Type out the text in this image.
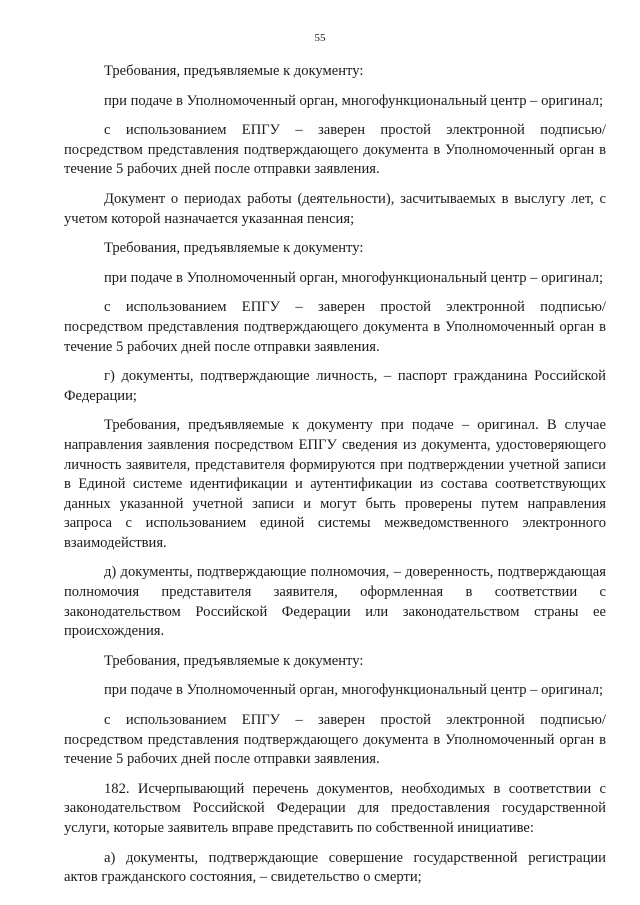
55

Требования, предъявляемые к документу:

при подаче в Уполномоченный орган, многофункциональный центр – оригинал;

с использованием ЕПГУ – заверен простой электронной подписью/ посредством представления подтверждающего документа в Уполномоченный орган в течение 5 рабочих дней после отправки заявления.

Документ о периодах работы (деятельности), засчитываемых в выслугу лет, с учетом которой назначается указанная пенсия;

Требования, предъявляемые к документу:

при подаче в Уполномоченный орган, многофункциональный центр – оригинал;

с использованием ЕПГУ – заверен простой электронной подписью/ посредством представления подтверждающего документа в Уполномоченный орган в течение 5 рабочих дней после отправки заявления.

г) документы, подтверждающие личность, – паспорт гражданина Российской Федерации;

Требования, предъявляемые к документу при подаче – оригинал. В случае направления заявления посредством ЕПГУ сведения из документа, удостоверяющего личность заявителя, представителя формируются при подтверждении учетной записи в Единой системе идентификации и аутентификации из состава соответствующих данных указанной учетной записи и могут быть проверены путем направления запроса с использованием единой системы межведомственного электронного взаимодействия.

д) документы, подтверждающие полномочия, – доверенность, подтверждающая полномочия представителя заявителя, оформленная в соответствии с законодательством Российской Федерации или законодательством страны ее происхождения.

Требования, предъявляемые к документу:

при подаче в Уполномоченный орган, многофункциональный центр – оригинал;

с использованием ЕПГУ – заверен простой электронной подписью/ посредством представления подтверждающего документа в Уполномоченный орган в течение 5 рабочих дней после отправки заявления.

182. Исчерпывающий перечень документов, необходимых в соответствии с законодательством Российской Федерации для предоставления государственной услуги, которые заявитель вправе представить по собственной инициативе:

а) документы, подтверждающие совершение государственной регистрации актов гражданского состояния, – свидетельство о смерти;
